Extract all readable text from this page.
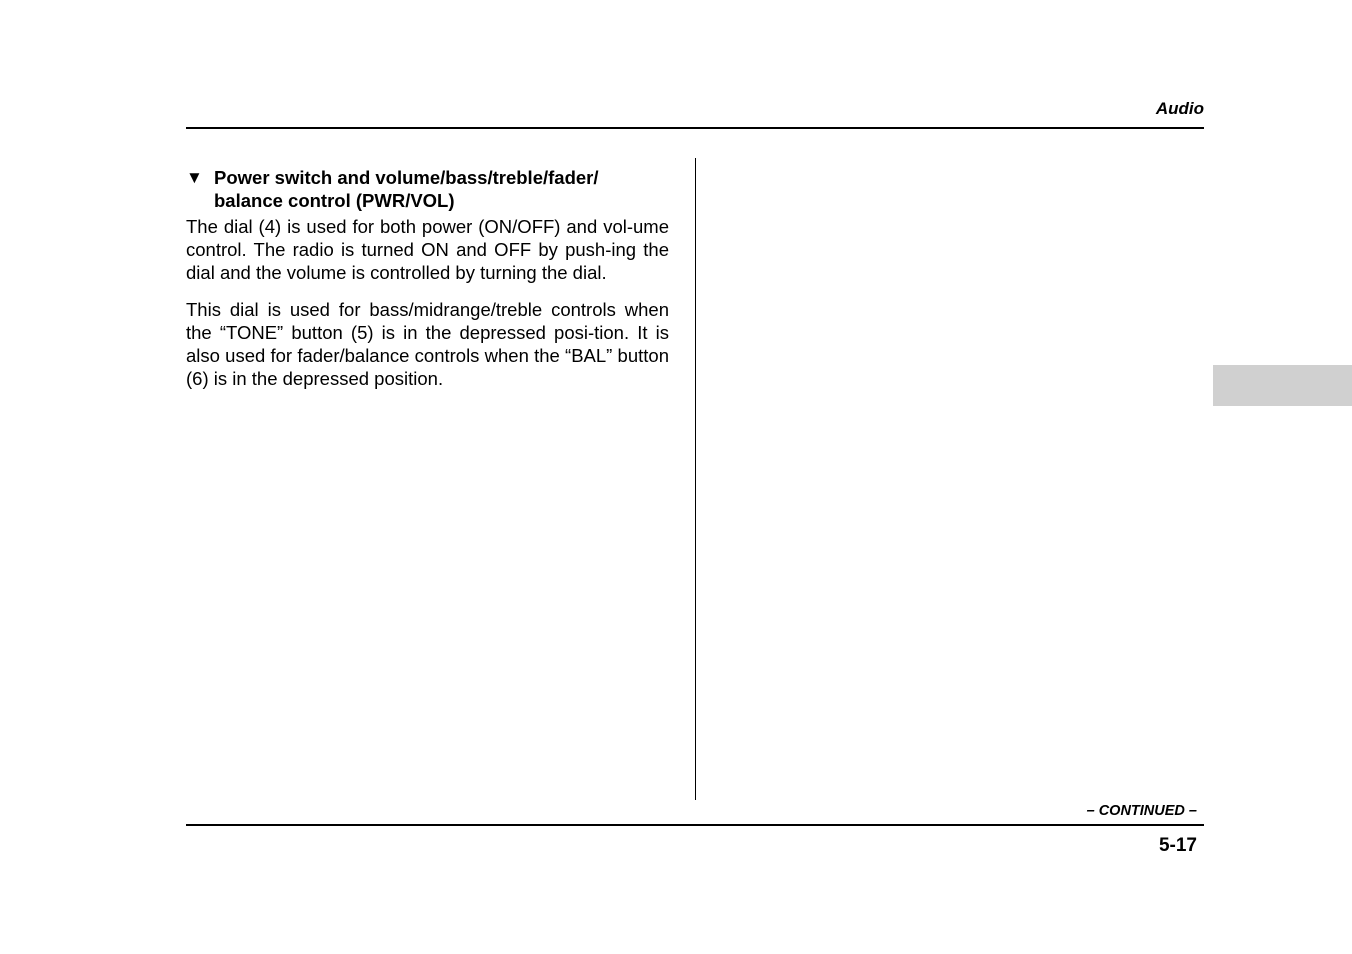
Audio
▼ Power switch and volume/bass/treble/fader/ balance control (PWR/VOL)

The dial (4) is used for both power (ON/OFF) and vol-ume control. The radio is turned ON and OFF by push-ing the dial and the volume is controlled by turning the dial.

This dial is used for bass/midrange/treble controls when the “TONE” button (5) is in the depressed posi-tion. It is also used for fader/balance controls when the “BAL” button (6) is in the depressed position.

– CONTINUED –
5-17
